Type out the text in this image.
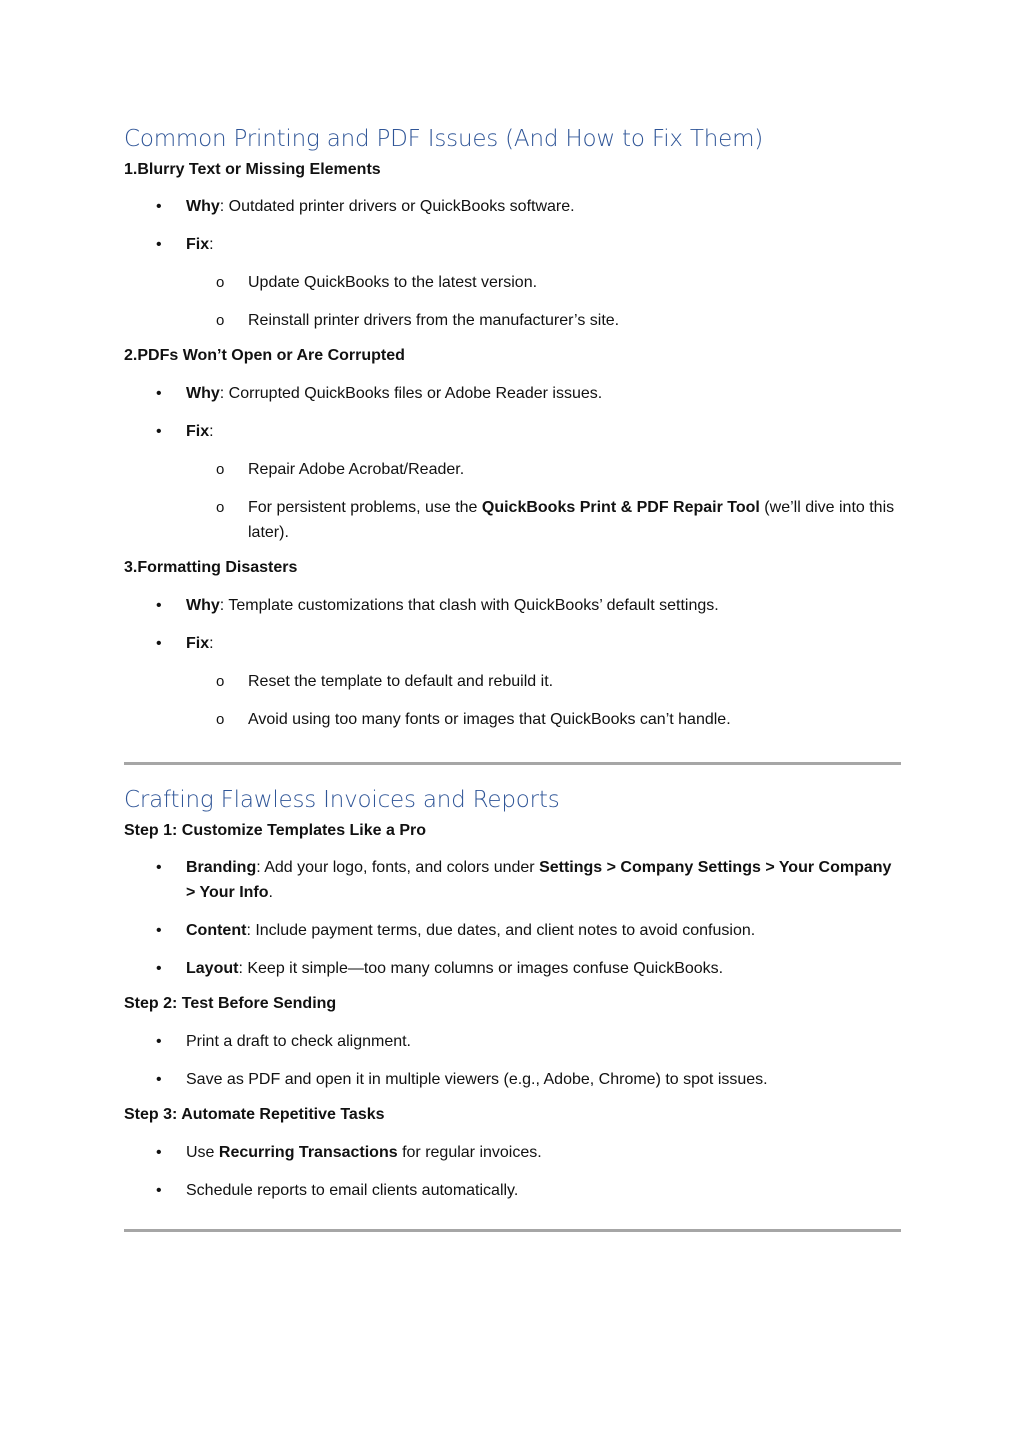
Common Printing and PDF Issues (And How to Fix Them)
1.Blurry Text or Missing Elements
• Why: Outdated printer drivers or QuickBooks software.
• Fix:
o Update QuickBooks to the latest version.
o Reinstall printer drivers from the manufacturer’s site.
2.PDFs Won’t Open or Are Corrupted
• Why: Corrupted QuickBooks files or Adobe Reader issues.
• Fix:
o Repair Adobe Acrobat/Reader.
o For persistent problems, use the QuickBooks Print & PDF Repair Tool (we’ll dive into this later).
3.Formatting Disasters
• Why: Template customizations that clash with QuickBooks’ default settings.
• Fix:
o Reset the template to default and rebuild it.
o Avoid using too many fonts or images that QuickBooks can’t handle.
Crafting Flawless Invoices and Reports
Step 1: Customize Templates Like a Pro
• Branding: Add your logo, fonts, and colors under Settings > Company Settings > Your Company > Your Info.
• Content: Include payment terms, due dates, and client notes to avoid confusion.
• Layout: Keep it simple—too many columns or images confuse QuickBooks.
Step 2: Test Before Sending
• Print a draft to check alignment.
• Save as PDF and open it in multiple viewers (e.g., Adobe, Chrome) to spot issues.
Step 3: Automate Repetitive Tasks
• Use Recurring Transactions for regular invoices.
• Schedule reports to email clients automatically.
